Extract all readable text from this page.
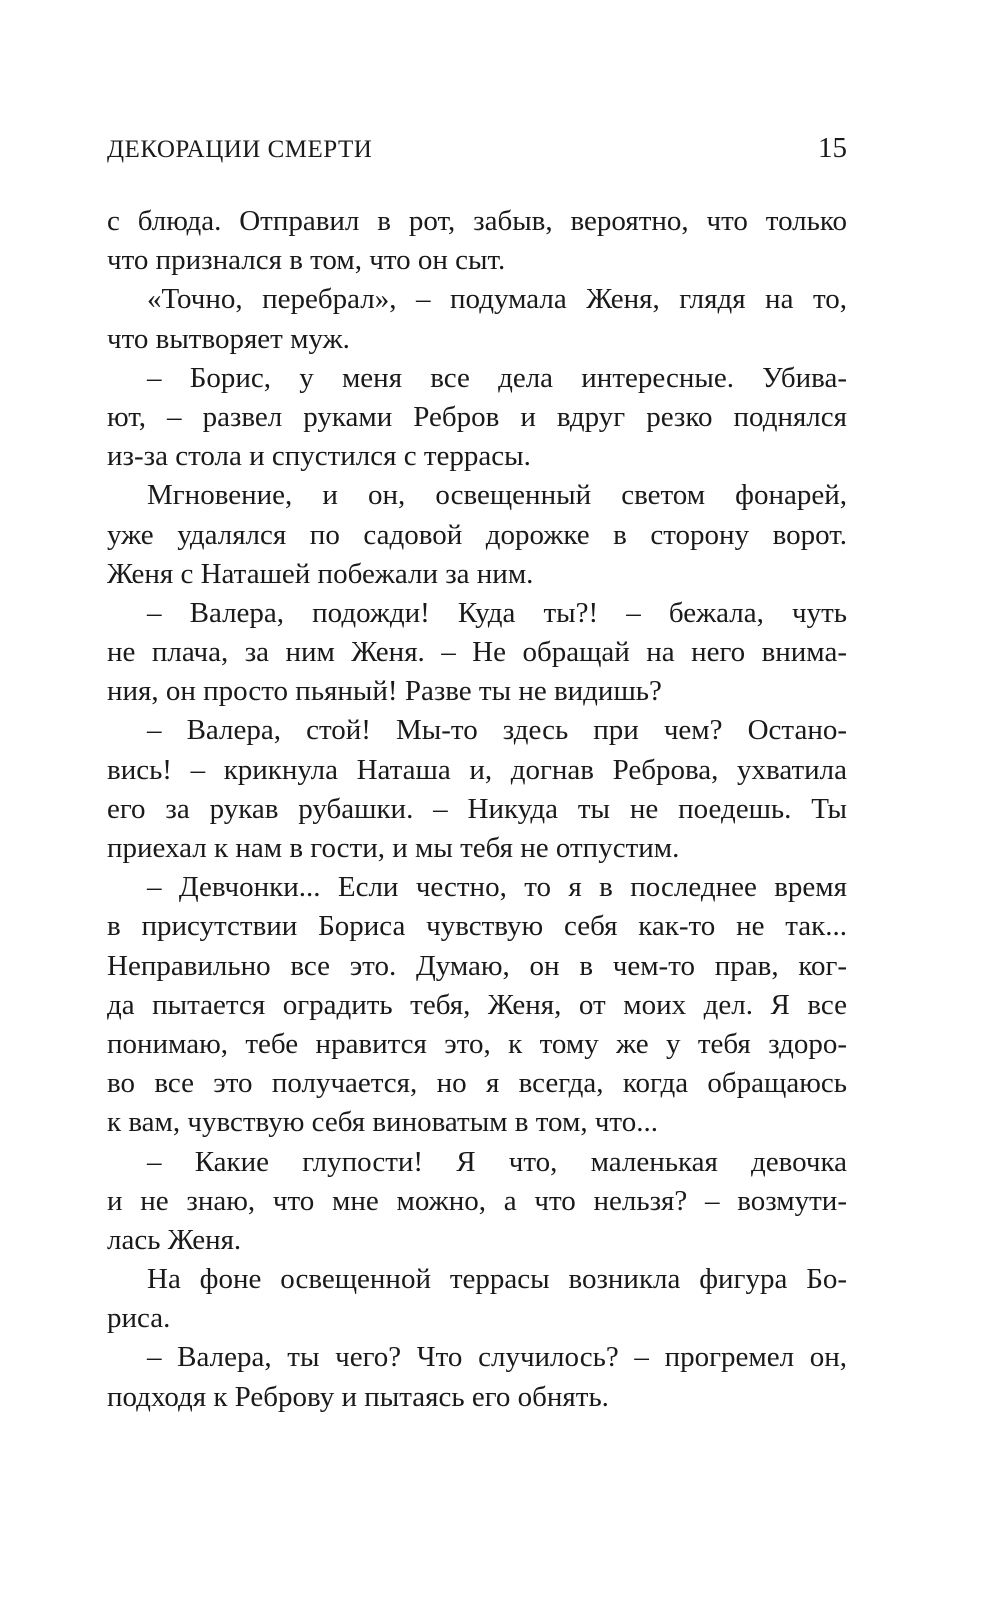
ДЕКОРАЦИИ СМЕРТИ	15
с блюда. Отправил в рот, забыв, вероятно, что только
что признался в том, что он сыт.
«Точно, перебрал», – подумала Женя, глядя на то,
что вытворяет муж.
– Борис, у меня все дела интересные. Убива-
ют, – развел руками Ребров и вдруг резко поднялся
из-за стола и спустился с террасы.
Мгновение, и он, освещенный светом фонарей,
уже удалялся по садовой дорожке в сторону ворот.
Женя с Наташей побежали за ним.
– Валера, подожди! Куда ты?! – бежала, чуть
не плача, за ним Женя. – Не обращай на него внима-
ния, он просто пьяный! Разве ты не видишь?
– Валера, стой! Мы-то здесь при чем? Остано-
вись! – крикнула Наташа и, догнав Реброва, ухватила
его за рукав рубашки. – Никуда ты не поедешь. Ты
приехал к нам в гости, и мы тебя не отпустим.
– Девчонки... Если честно, то я в последнее время
в присутствии Бориса чувствую себя как-то не так...
Неправильно все это. Думаю, он в чем-то прав, ког-
да пытается оградить тебя, Женя, от моих дел. Я все
понимаю, тебе нравится это, к тому же у тебя здоро-
во все это получается, но я всегда, когда обращаюсь
к вам, чувствую себя виноватым в том, что...
– Какие глупости! Я что, маленькая девочка
и не знаю, что мне можно, а что нельзя? – возмути-
лась Женя.
На фоне освещенной террасы возникла фигура Бо-
риса.
– Валера, ты чего? Что случилось? – прогремел он,
подходя к Реброву и пытаясь его обнять.
